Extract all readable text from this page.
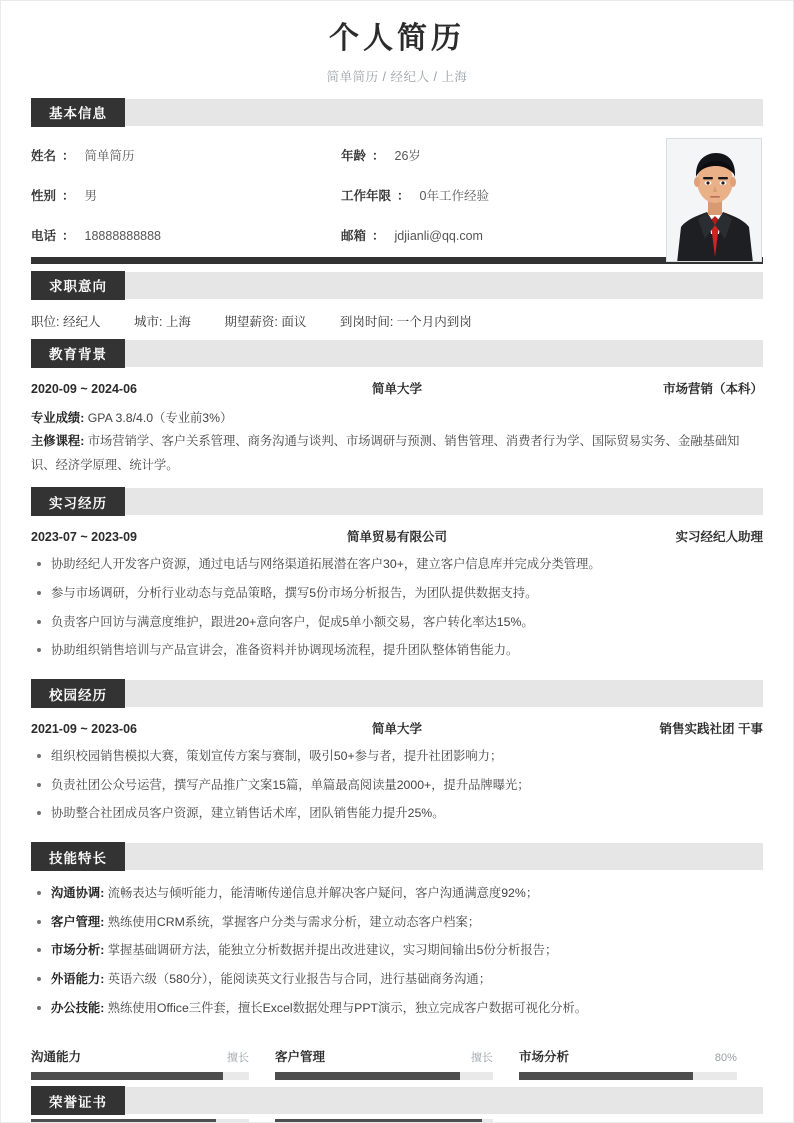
个人简历
简单简历 / 经纪人 / 上海
基本信息
姓名 ： 简单简历	年龄 ： 26岁
性别 ： 男	工作年限 ： 0年工作经验
电话 ： 18888888888	邮箱 ： jdjianli@qq.com
求职意向
职位: 经纪人	城市: 上海	期望薪资: 面议	到岗时间: 一个月内到岗
教育背景
2020-09 ~ 2024-06	简单大学	市场营销（本科）
专业成绩: GPA 3.8/4.0（专业前3%）
主修课程: 市场营销学、客户关系管理、商务沟通与谈判、市场调研与预测、销售管理、消费者行为学、国际贸易实务、金融基础知识、经济学原理、统计学。
实习经历
2023-07 ~ 2023-09	简单贸易有限公司	实习经纪人助理
协助经纪人开发客户资源，通过电话与网络渠道拓展潜在客户30+，建立客户信息库并完成分类管理。
参与市场调研，分析行业动态与竞品策略，撰写5份市场分析报告，为团队提供数据支持。
负责客户回访与满意度维护，跟进20+意向客户，促成5单小额交易，客户转化率达15%。
协助组织销售培训与产品宣讲会，准备资料并协调现场流程，提升团队整体销售能力。
校园经历
2021-09 ~ 2023-06	简单大学	销售实践社团 干事
组织校园销售模拟大赛，策划宣传方案与赛制，吸引50+参与者，提升社团影响力；
负责社团公众号运营，撰写产品推广文案15篇，单篇最高阅读量2000+，提升品牌曝光；
协助整合社团成员客户资源，建立销售话术库，团队销售能力提升25%。
技能特长
沟通协调: 流畅表达与倾听能力，能清晰传递信息并解决客户疑问，客户沟通满意度92%；
客户管理: 熟练使用CRM系统，掌握客户分类与需求分析，建立动态客户档案；
市场分析: 掌握基础调研方法，能独立分析数据并提出改进建议，实习期间输出5份分析报告；
外语能力: 英语六级（580分），能阅读英文行业报告与合同，进行基础商务沟通；
办公技能: 熟练使用Office三件套，擅长Excel数据处理与PPT演示，独立完成客户数据可视化分析。
沟通能力	擅长 客户管理	擅长 市场分析	80%
荣誉证书
